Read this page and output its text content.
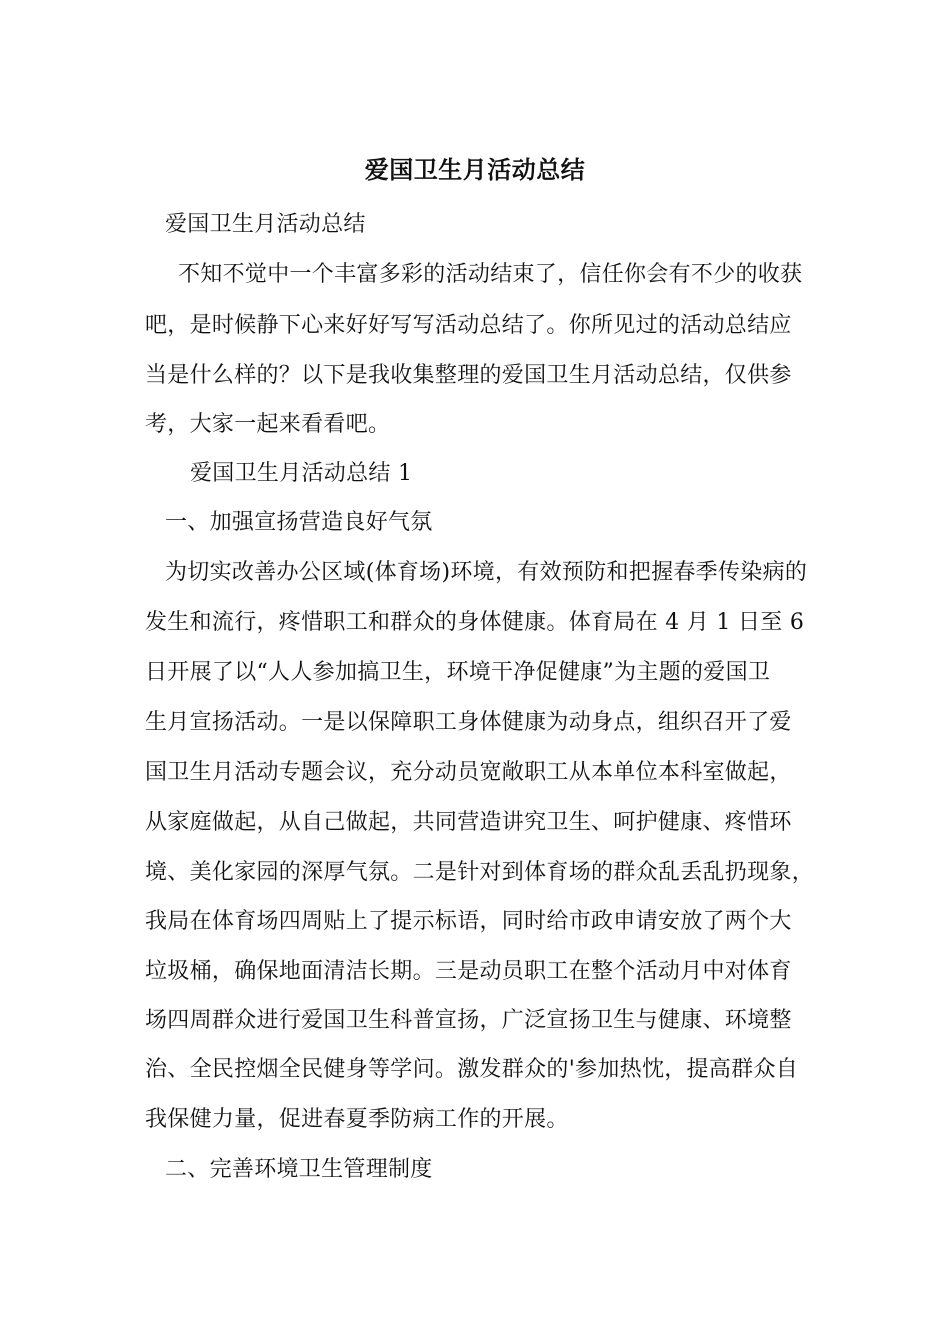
爱国卫生月活动总结
爱国卫生月活动总结
不知不觉中一个丰富多彩的活动结束了，信任你会有不少的收获
吧，是时候静下心来好好写写活动总结了。你所见过的活动总结应
当是什么样的？以下是我收集整理的爱国卫生月活动总结，仅供参
考，大家一起来看看吧。
爱国卫生月活动总结 1
一、加强宣扬营造良好气氛
为切实改善办公区域(体育场)环境，有效预防和把握春季传染病的
发生和流行，疼惜职工和群众的身体健康。体育局在 4 月 1 日至 6
日开展了以“人人参加搞卫生，环境干净促健康”为主题的爱国卫
生月宣扬活动。一是以保障职工身体健康为动身点，组织召开了爱
国卫生月活动专题会议，充分动员宽敞职工从本单位本科室做起，
从家庭做起，从自己做起，共同营造讲究卫生、呵护健康、疼惜环
境、美化家园的深厚气氛。二是针对到体育场的群众乱丢乱扔现象，
我局在体育场四周贴上了提示标语，同时给市政申请安放了两个大
垃圾桶，确保地面清洁长期。三是动员职工在整个活动月中对体育
场四周群众进行爱国卫生科普宣扬，广泛宣扬卫生与健康、环境整
治、全民控烟全民健身等学问。激发群众的'参加热忱，提高群众自
我保健力量，促进春夏季防病工作的开展。
二、完善环境卫生管理制度
